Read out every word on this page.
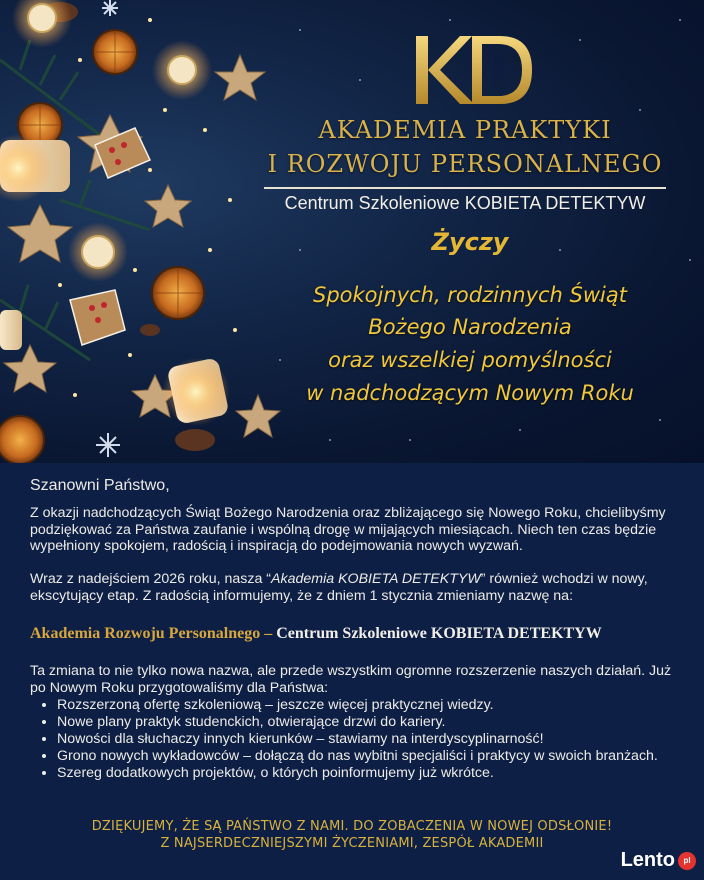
AKADEMIA PRAKTYKI
I ROZWOJU PERSONALNEGO
Centrum Szkoleniowe KOBIETA DETEKTYW
Życzy
Spokojnych, rodzinnych Świąt
Bożego Narodzenia
oraz wszelkiej pomyślności
w nadchodzącym Nowym Roku
Szanowni Państwo,

Z okazji nadchodzących Świąt Bożego Narodzenia oraz zbliżającego się Nowego Roku, chcielibyśmy podziękować za Państwa zaufanie i wspólną drogę w mijających miesiącach. Niech ten czas będzie wypełniony spokojem, radością i inspiracją do podejmowania nowych wyzwań.

Wraz z nadejściem 2026 roku, nasza “Akademia KOBIETA DETEKTYW” również wchodzi w nowy, ekscytujący etap. Z radością informujemy, że z dniem 1 stycznia zmieniamy nazwę na:

Akademia Rozwoju Personalnego – Centrum Szkoleniowe KOBIETA DETEKTYW

Ta zmiana to nie tylko nowa nazwa, ale przede wszystkim ogromne rozszerzenie naszych działań. Już po Nowym Roku przygotowaliśmy dla Państwa:

• Rozszerzoną ofertę szkoleniową – jeszcze więcej praktycznej wiedzy.
• Nowe plany praktyk studenckich, otwierające drzwi do kariery.
• Nowości dla słuchaczy innych kierunków – stawiamy na interdyscyplinarność!
• Grono nowych wykładowców – dołączą do nas wybitni specjaliści i praktycy w swoich branżach.
• Szereg dodatkowych projektów, o których poinformujemy już wkrótce.
DZIĘKUJEMY, ŻE SĄ PAŃSTWO Z NAMI. DO ZOBACZENIA W NOWEJ ODSŁONIE!
Z NAJSERDECZNIEJSZYMI ŻYCZENIAMI, ZESPÓŁ AKADEMII
Lento	pl
